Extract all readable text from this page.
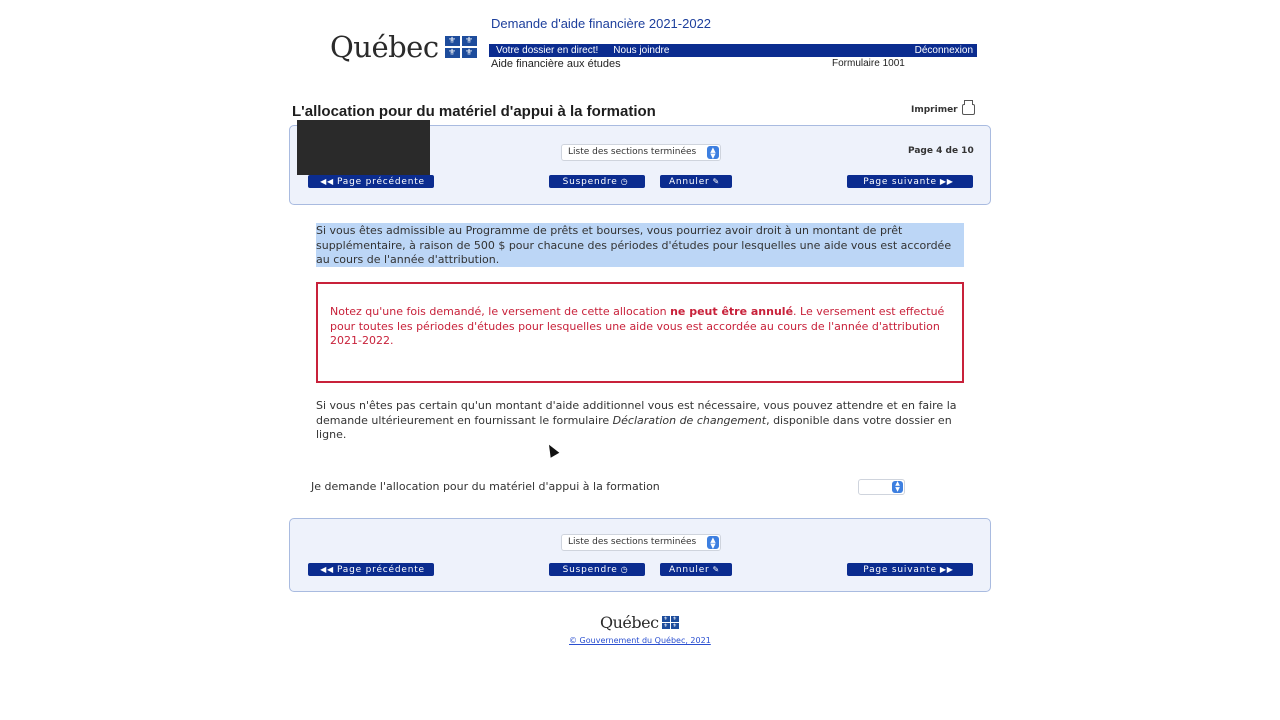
Québec	⚜ ⚜
⚜ ⚜
Demande d'aide financière 2021-2022
Votre dossier en direct! Nous joindre	Déconnexion
Aide financière aux études	Formulaire 1001
L'allocation pour du matériel d'appui à la formation	Imprimer
Liste des sections terminées	▲
▼	Page 4 de 10
◀◀ Page précédente	Suspendre ◷	Annuler ✎	Page suivante ▶▶
Si vous êtes admissible au Programme de prêts et bourses, vous pourriez avoir droit à un montant de prêt supplémentaire, à raison de 500 $ pour chacune des périodes d'études pour lesquelles une aide vous est accordée au cours de l'année d'attribution.
Notez qu'une fois demandé, le versement de cette allocation ne peut être annulé. Le versement est effectué pour toutes les périodes d'études pour lesquelles une aide vous est accordée au cours de l'année d'attribution 2021-2022.
Si vous n'êtes pas certain qu'un montant d'aide additionnel vous est nécessaire, vous pouvez attendre et en faire la demande ultérieurement en fournissant le formulaire Déclaration de changement, disponible dans votre dossier en ligne.
Je demande l'allocation pour du matériel d'appui à la formation	▲
▼
Liste des sections terminées	▲
▼
◀◀ Page précédente	Suspendre ◷	Annuler ✎	Page suivante ▶▶
Québec ⚜ ⚜
⚜ ⚜
© Gouvernement du Québec, 2021
